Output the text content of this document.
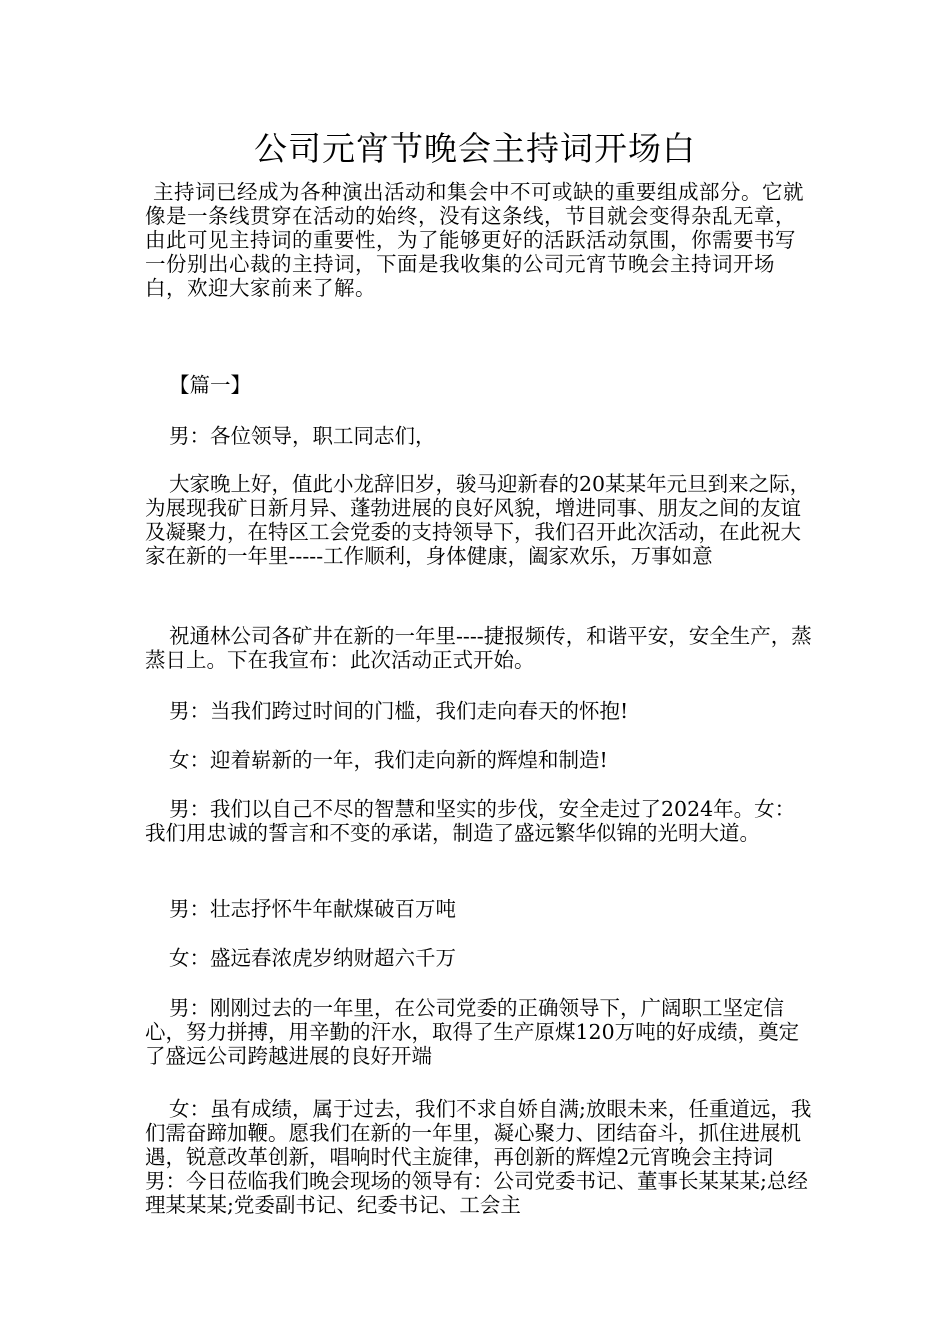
公司元宵节晚会主持词开场白
主持词已经成为各种演出活动和集会中不可或缺的重要组成部分。它就像是一条线贯穿在活动的始终，没有这条线，节目就会变得杂乱无章，由此可见主持词的重要性，为了能够更好的活跃活动氛围，你需要书写一份别出心裁的主持词，下面是我收集的公司元宵节晚会主持词开场白，欢迎大家前来了解。
【篇一】
男：各位领导，职工同志们，
大家晚上好，值此小龙辞旧岁，骏马迎新春的20某某年元旦到来之际，为展现我矿日新月异、蓬勃进展的良好风貌，增进同事、朋友之间的友谊及凝聚力，在特区工会党委的支持领导下，我们召开此次活动，在此祝大家在新的一年里-----工作顺利，身体健康，阖家欢乐，万事如意
祝通林公司各矿井在新的一年里----捷报频传，和谐平安，安全生产，蒸蒸日上。下在我宣布：此次活动正式开始。
男：当我们跨过时间的门槛，我们走向春天的怀抱!
女：迎着崭新的一年，我们走向新的辉煌和制造!
男：我们以自己不尽的智慧和坚实的步伐，安全走过了2024年。女：我们用忠诚的誓言和不变的承诺，制造了盛远繁华似锦的光明大道。
男：壮志抒怀牛年献煤破百万吨
女：盛远春浓虎岁纳财超六千万
男：刚刚过去的一年里，在公司党委的正确领导下，广阔职工坚定信心，努力拼搏，用辛勤的汗水，取得了生产原煤120万吨的好成绩，奠定了盛远公司跨越进展的良好开端
女：虽有成绩，属于过去，我们不求自娇自满;放眼未来，任重道远，我们需奋蹄加鞭。愿我们在新的一年里，凝心聚力、团结奋斗，抓住进展机遇，锐意改革创新，唱响时代主旋律，再创新的辉煌2元宵晚会主持词男：今日莅临我们晚会现场的领导有：公司党委书记、董事长某某某;总经理某某某;党委副书记、纪委书记、工会主
